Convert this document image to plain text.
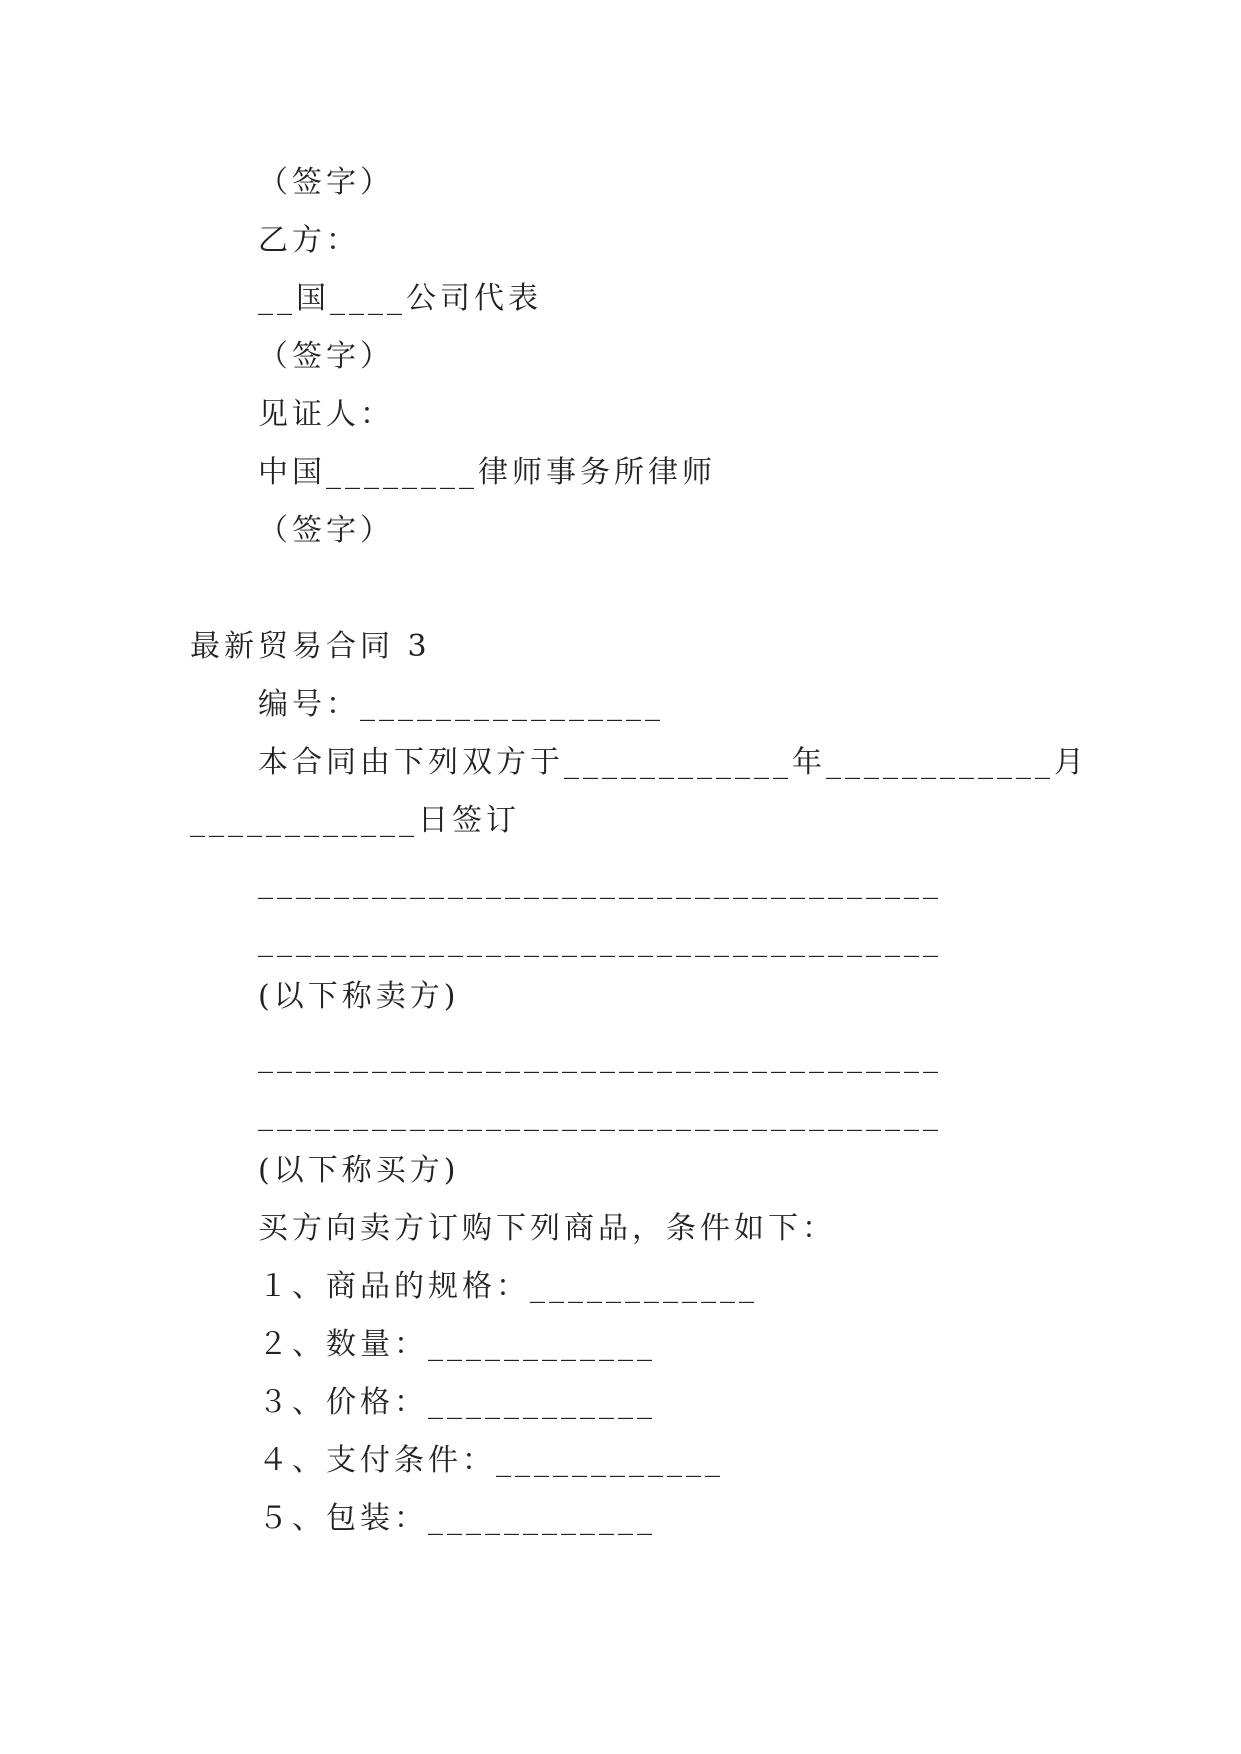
（签字）
乙方：
__国____公司代表
（签字）
见证人：
中国________律师事务所律师
（签字）
最新贸易合同 3
编号：________________
本合同由下列双方于____________年____________月
____________日签订
____________________________________
____________________________________
(以下称卖方)
____________________________________
____________________________________
(以下称买方)
买方向卖方订购下列商品，条件如下：
１、商品的规格：____________
２、数量：____________
３、价格：____________
４、支付条件：____________
５、包装：____________
